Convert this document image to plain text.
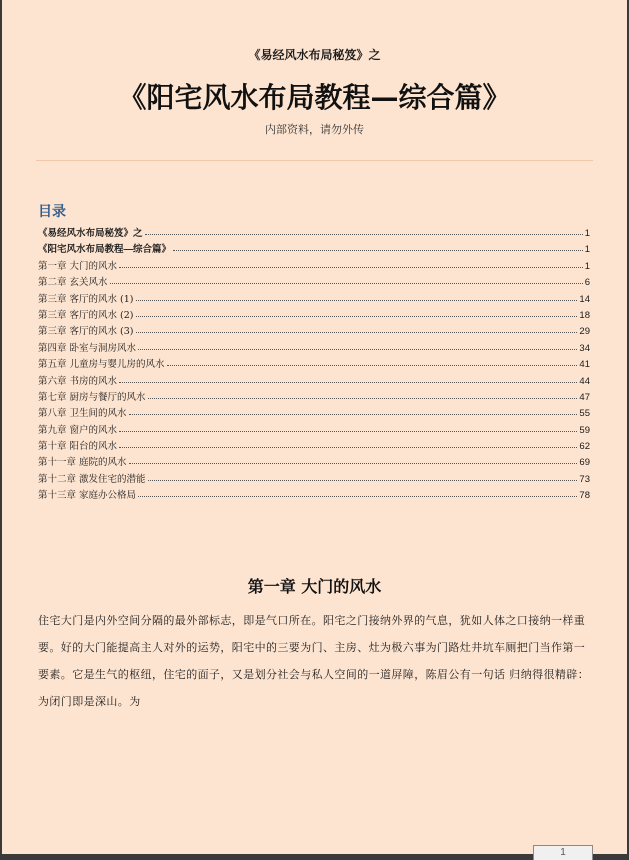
《易经风水布局秘笈》之
《阳宅风水布局教程—综合篇》
内部资料，请勿外传
目录
《易经风水布局秘笈》之	1
《阳宅风水布局教程—综合篇》	1
第一章 大门的风水	1
第二章 玄关风水	6
第三章 客厅的风水 (1)	14
第三章 客厅的风水 (2)	18
第三章 客厅的风水 (3)	29
第四章 卧室与洞房风水	34
第五章 儿童房与婴儿房的风水	41
第六章 书房的风水	44
第七章 厨房与餐厅的风水	47
第八章 卫生间的风水	55
第九章 窗户的风水	59
第十章 阳台的风水	62
第十一章 庭院的风水	69
第十二章 激发住宅的潜能	73
第十三章 家庭办公格局	78
第一章 大门的风水
住宅大门是内外空间分隔的最外部标志，即是气口所在。阳宅之门接纳外界的气息，犹如人体之口接纳一样重要。好的大门能提高主人对外的运势，阳宅中的三要为门、主房、灶为极六事为门路灶井坑车厕把门当作第一要素。它是生气的枢纽，住宅的面子，又是划分社会与私人空间的一道屏障，陈眉公有一句话 归纳得很精辟：为闭门即是深山。为
1
